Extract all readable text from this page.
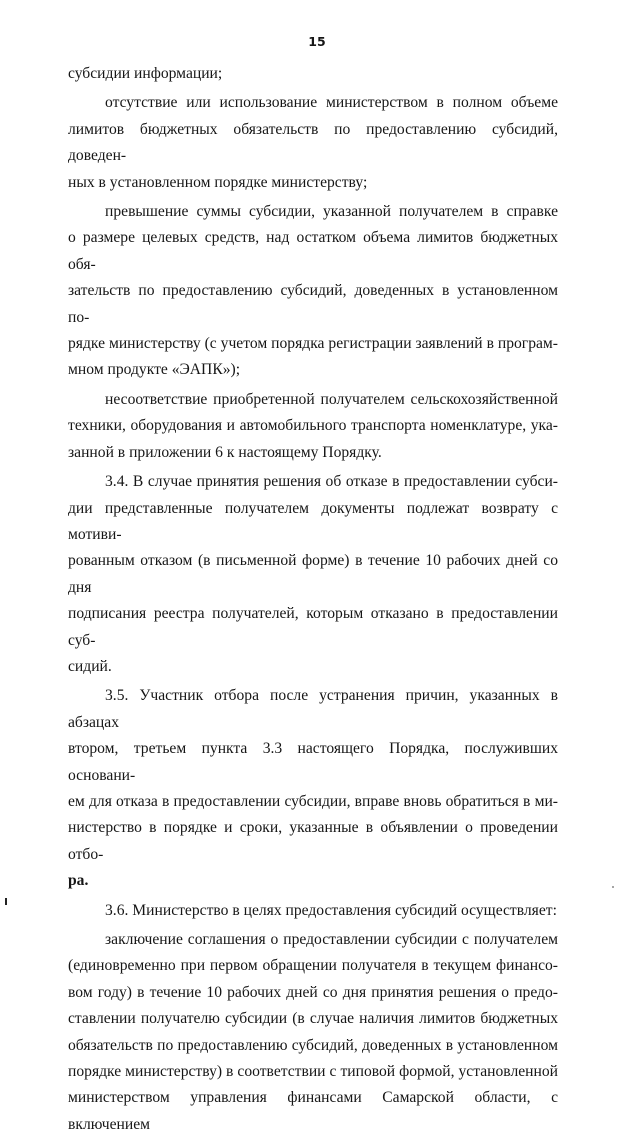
15

субсидии информации;

отсутствие или использование министерством в полном объеме

лимитов бюджетных обязательств по предоставлению субсидий, доведен-

ных в установленном порядке министерству;

превышение суммы субсидии, указанной получателем в справке

о размере целевых средств, над остатком объема лимитов бюджетных обя-

зательств по предоставлению субсидий, доведенных в установленном по-

рядке министерству (с учетом порядка регистрации заявлений в програм-

мном продукте «ЭАПК»);

несоответствие приобретенной получателем сельскохозяйственной

техники, оборудования и автомобильного транспорта номенклатуре, ука-

занной в приложении 6 к настоящему Порядку.

3.4. В случае принятия решения об отказе в предоставлении субси-

дии представленные получателем документы подлежат возврату с мотиви-

рованным отказом (в письменной форме) в течение 10 рабочих дней со дня

подписания реестра получателей, которым отказано в предоставлении суб-

сидий.

3.5. Участник отбора после устранения причин, указанных в абзацах

втором, третьем пункта 3.3 настоящего Порядка, послуживших основани-

ем для отказа в предоставлении субсидии, вправе вновь обратиться в ми-

нистерство в порядке и сроки, указанные в объявлении о проведении отбо-

ра.

3.6. Министерство в целях предоставления субсидий осуществляет:

заключение соглашения о предоставлении субсидии с получателем

(единовременно при первом обращении получателя в текущем финансо-

вом году) в течение 10 рабочих дней со дня принятия решения о предо-

ставлении получателю субсидии (в случае наличия лимитов бюджетных

обязательств по предоставлению субсидий, доведенных в установленном

порядке министерству) в соответствии с типовой формой, установленной

министерством управления финансами Самарской области, с включением
